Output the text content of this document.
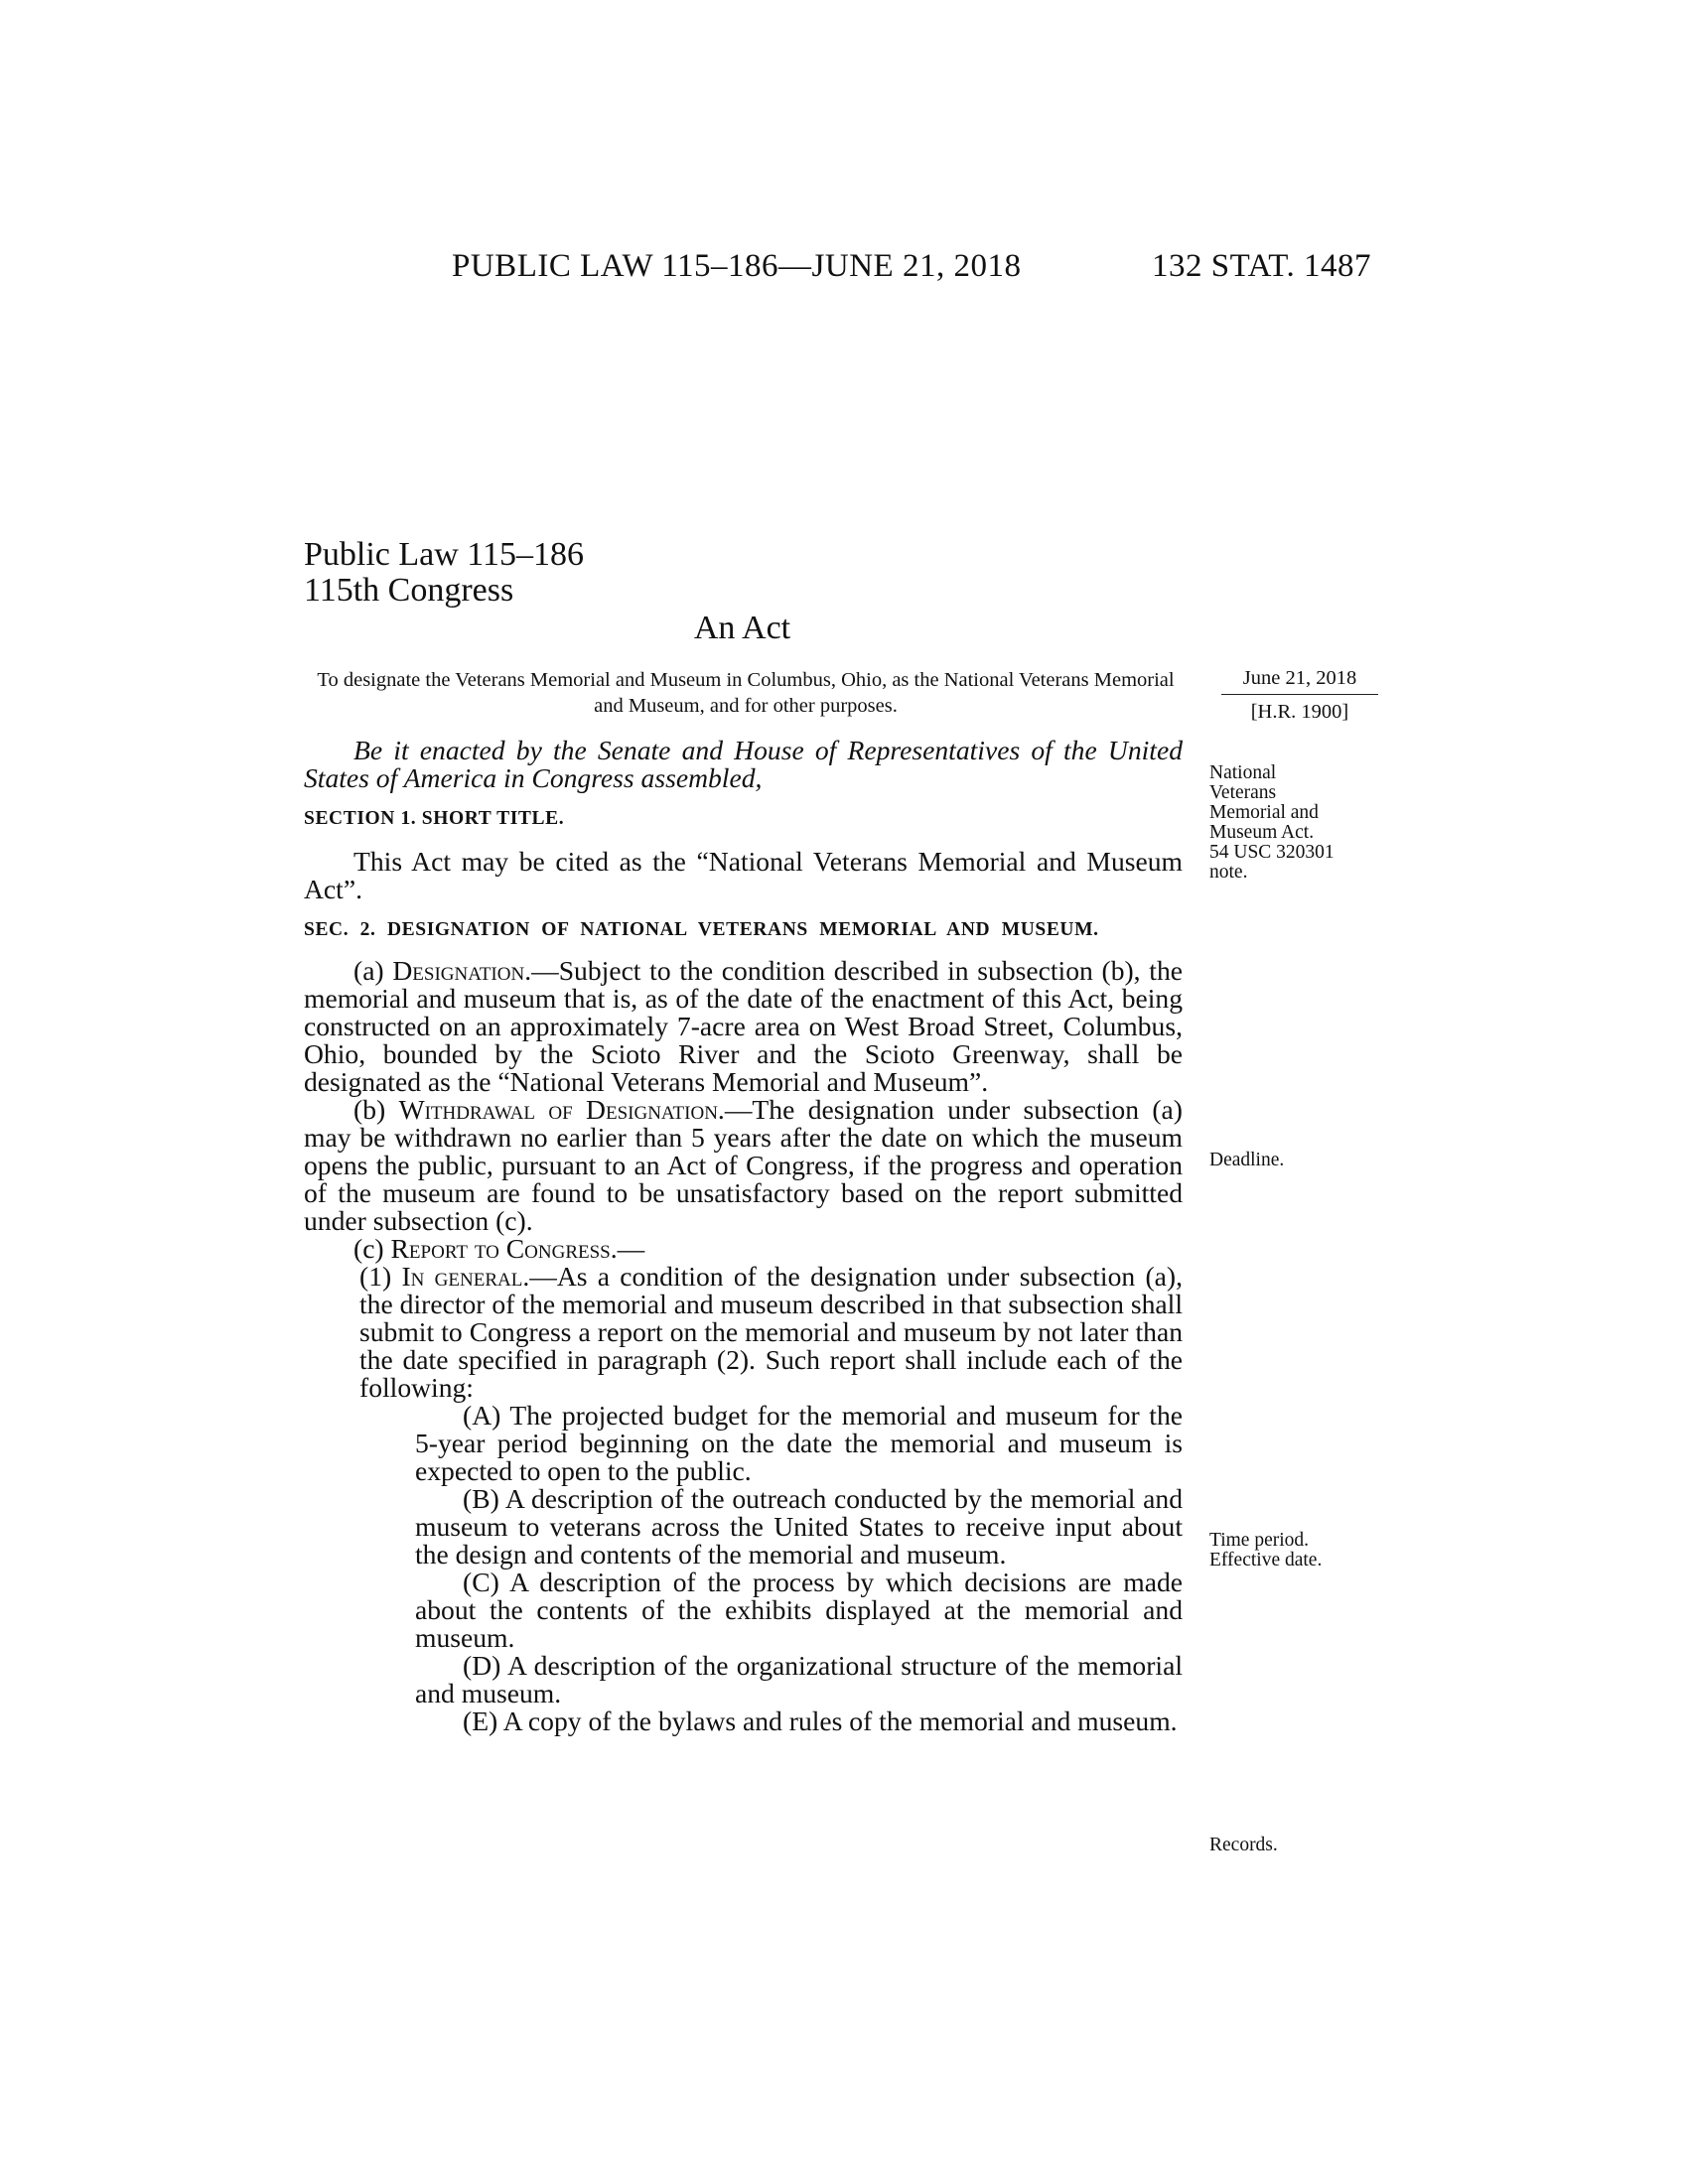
PUBLIC LAW 115–186—JUNE 21, 2018	132 STAT. 1487
Public Law 115–186
115th Congress
An Act
To designate the Veterans Memorial and Museum in Columbus, Ohio, as the National Veterans Memorial and Museum, and for other purposes.
June 21, 2018
[H.R. 1900]

Be it enacted by the Senate and House of Representatives of the United States of America in Congress assembled,

SECTION 1. SHORT TITLE.

This Act may be cited as the “National Veterans Memorial and Museum Act”.

SEC. 2. DESIGNATION OF NATIONAL VETERANS MEMORIAL AND MUSEUM.

(a) Designation.—Subject to the condition described in subsection (b), the memorial and museum that is, as of the date of the enactment of this Act, being constructed on an approximately 7-acre area on West Broad Street, Columbus, Ohio, bounded by the Scioto River and the Scioto Greenway, shall be designated as the “National Veterans Memorial and Museum”.

(b) Withdrawal of Designation.—The designation under subsection (a) may be withdrawn no earlier than 5 years after the date on which the museum opens the public, pursuant to an Act of Congress, if the progress and operation of the museum are found to be unsatisfactory based on the report submitted under subsection (c).

(c) Report to Congress.—

(1) In general.—As a condition of the designation under subsection (a), the director of the memorial and museum described in that subsection shall submit to Congress a report on the memorial and museum by not later than the date specified in paragraph (2). Such report shall include each of the following:

(A) The projected budget for the memorial and museum for the 5-year period beginning on the date the memorial and museum is expected to open to the public.

(B) A description of the outreach conducted by the memorial and museum to veterans across the United States to receive input about the design and contents of the memorial and museum.

(C) A description of the process by which decisions are made about the contents of the exhibits displayed at the memorial and museum.

(D) A description of the organizational structure of the memorial and museum.

(E) A copy of the bylaws and rules of the memorial and museum.

National
Veterans
Memorial and
Museum Act.
54 USC 320301
note.
Deadline.
Time period.
Effective date.
Records.
